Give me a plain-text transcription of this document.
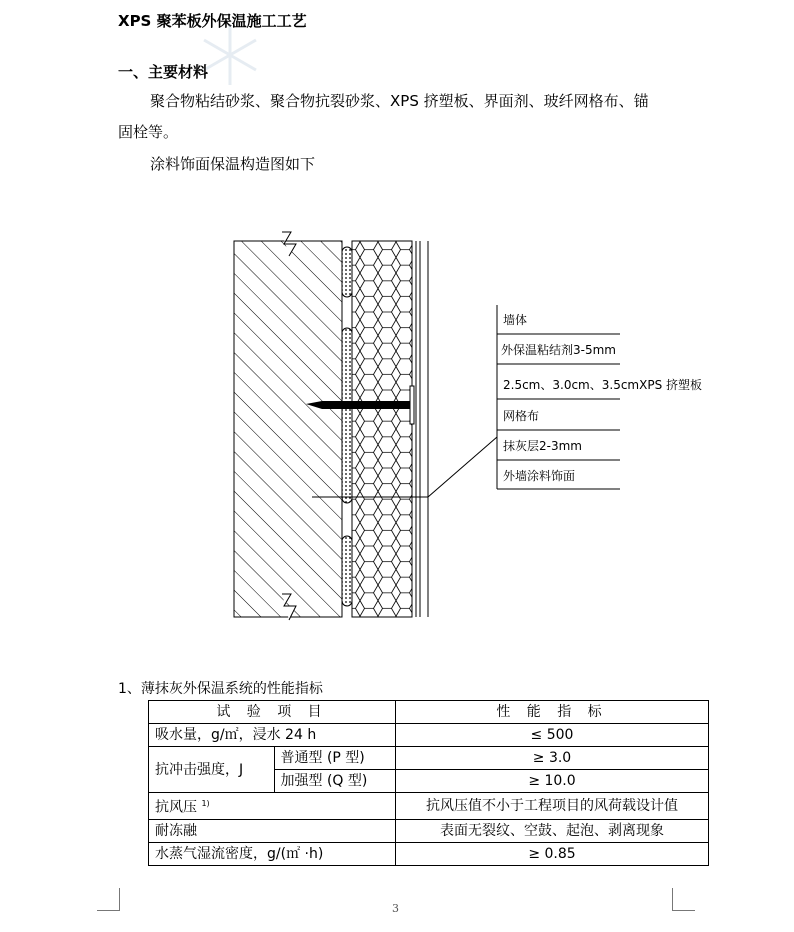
XPS 聚苯板外保温施工工艺
一、主要材料
聚合物粘结砂浆、聚合物抗裂砂浆、XPS 挤塑板、界面剂、玻纤网格布、锚
固栓等。
涂料饰面保温构造图如下
墙体
外保温粘结剂3-5mm
2.5cm、3.0cm、3.5cmXPS 挤塑板
网格布
抹灰层2-3mm
外墙涂料饰面
1、薄抹灰外保温系统的性能指标
试 验 项 目		性 能 指 标
吸水量，g/㎡，浸水 24 h		≤ 500
抗冲击强度，J	普通型 (P 型)	≥ 3.0
	加强型 (Q 型)	≥ 10.0
抗风压 $^{1)}$		抗风压值不小于工程项目的风荷载设计值
耐冻融		表面无裂纹、空鼓、起泡、剥离现象
水蒸气湿流密度，g/(㎡ ·h)		≥ 0.85
3
